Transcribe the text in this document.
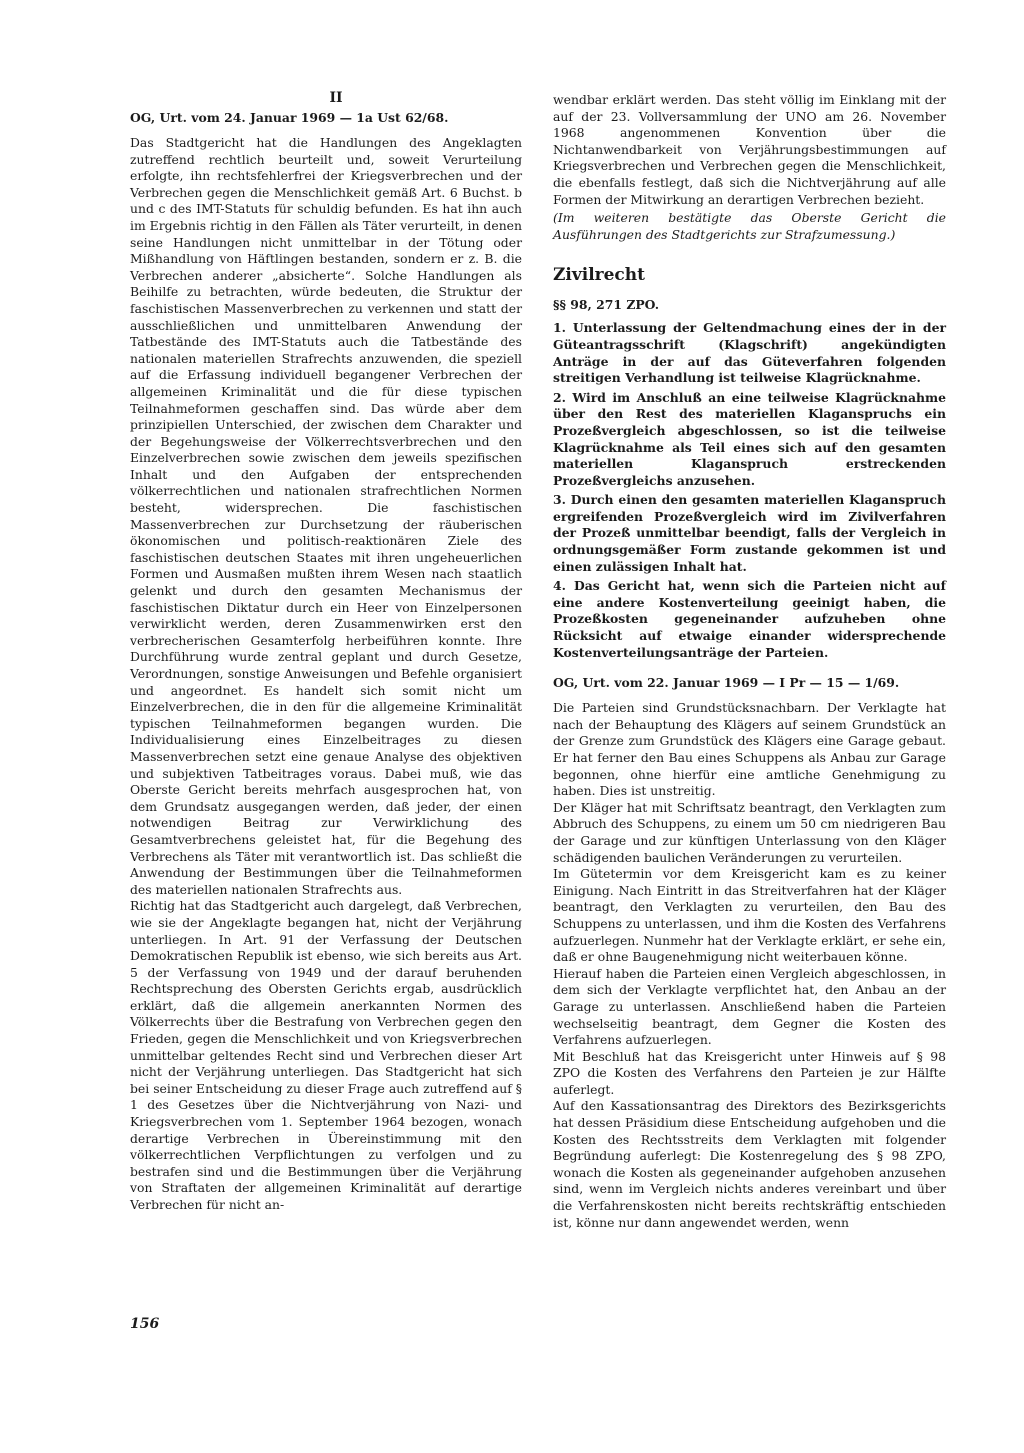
II
OG, Urt. vom 24. Januar 1969 — 1a Ust 62/68.

Das Stadtgericht hat die Handlungen des Angeklagten zutreffend rechtlich beurteilt und, soweit Verurteilung erfolgte, ihn rechtsfehlerfrei der Kriegsverbrechen und der Verbrechen gegen die Menschlichkeit gemäß Art. 6 Buchst. b und c des IMT-Statuts für schuldig befunden. Es hat ihn auch im Ergebnis richtig in den Fällen als Täter verurteilt, in denen seine Handlungen nicht unmittelbar in der Tötung oder Mißhandlung von Häftlingen bestanden, sondern er z. B. die Verbrechen anderer „absicherte“. Solche Handlungen als Beihilfe zu betrachten, würde bedeuten, die Struktur der faschistischen Massenverbrechen zu verkennen und statt der ausschließlichen und unmittelbaren Anwendung der Tatbestände des IMT-Statuts auch die Tatbestände des nationalen materiellen Strafrechts anzuwenden, die speziell auf die Erfassung individuell begangener Verbrechen der allgemeinen Kriminalität und die für diese typischen Teilnahmeformen geschaffen sind. Das würde aber dem prinzipiellen Unterschied, der zwischen dem Charakter und der Begehungsweise der Völkerrechtsverbrechen und den Einzelverbrechen sowie zwischen dem jeweils spezifischen Inhalt und den Aufgaben der entsprechenden völkerrechtlichen und nationalen strafrechtlichen Normen besteht, widersprechen. Die faschistischen Massenverbrechen zur Durchsetzung der räuberischen ökonomischen und politisch-reaktionären Ziele des faschistischen deutschen Staates mit ihren ungeheuerlichen Formen und Ausmaßen mußten ihrem Wesen nach staatlich gelenkt und durch den gesamten Mechanismus der faschistischen Diktatur durch ein Heer von Einzelpersonen verwirklicht werden, deren Zusammenwirken erst den verbrecherischen Gesamterfolg herbeiführen konnte. Ihre Durchführung wurde zentral geplant und durch Gesetze, Verordnungen, sonstige Anweisungen und Befehle organisiert und angeordnet. Es handelt sich somit nicht um Einzelverbrechen, die in den für die allgemeine Kriminalität typischen Teilnahmeformen begangen wurden. Die Individualisierung eines Einzelbeitrages zu diesen Massenverbrechen setzt eine genaue Analyse des objektiven und subjektiven Tatbeitrages voraus. Dabei muß, wie das Oberste Gericht bereits mehrfach ausgesprochen hat, von dem Grundsatz ausgegangen werden, daß jeder, der einen notwendigen Beitrag zur Verwirklichung des Gesamtverbrechens geleistet hat, für die Begehung des Verbrechens als Täter mit verantwortlich ist. Das schließt die Anwendung der Bestimmungen über die Teilnahmeformen des materiellen nationalen Strafrechts aus.

Richtig hat das Stadtgericht auch dargelegt, daß Verbrechen, wie sie der Angeklagte begangen hat, nicht der Verjährung unterliegen. In Art. 91 der Verfassung der Deutschen Demokratischen Republik ist ebenso, wie sich bereits aus Art. 5 der Verfassung von 1949 und der darauf beruhenden Rechtsprechung des Obersten Gerichts ergab, ausdrücklich erklärt, daß die allgemein anerkannten Normen des Völkerrechts über die Bestrafung von Verbrechen gegen den Frieden, gegen die Menschlichkeit und von Kriegsverbrechen unmittelbar geltendes Recht sind und Verbrechen dieser Art nicht der Verjährung unterliegen. Das Stadtgericht hat sich bei seiner Entscheidung zu dieser Frage auch zutreffend auf § 1 des Gesetzes über die Nichtverjährung von Nazi- und Kriegsverbrechen vom 1. September 1964 bezogen, wonach derartige Verbrechen in Übereinstimmung mit den völkerrechtlichen Verpflichtungen zu verfolgen und zu bestrafen sind und die Bestimmungen über die Verjährung von Straftaten der allgemeinen Kriminalität auf derartige Verbrechen für nicht an-

wendbar erklärt werden. Das steht völlig im Einklang mit der auf der 23. Vollversammlung der UNO am 26. November 1968 angenommenen Konvention über die Nichtanwendbarkeit von Verjährungsbestimmungen auf Kriegsverbrechen und Verbrechen gegen die Menschlichkeit, die ebenfalls festlegt, daß sich die Nichtverjährung auf alle Formen der Mitwirkung an derartigen Verbrechen bezieht.

(Im weiteren bestätigte das Oberste Gericht die Ausführungen des Stadtgerichts zur Strafzumessung.)

Zivilrecht
§§ 98, 271 ZPO.

1. Unterlassung der Geltendmachung eines der in der Güteantragsschrift (Klagschrift) angekündigten Anträge in der auf das Güteverfahren folgenden streitigen Verhandlung ist teilweise Klagrücknahme.

2. Wird im Anschluß an eine teilweise Klagrücknahme über den Rest des materiellen Klaganspruchs ein Prozeßvergleich abgeschlossen, so ist die teilweise Klagrücknahme als Teil eines sich auf den gesamten materiellen Klaganspruch erstreckenden Prozeßvergleichs anzusehen.

3. Durch einen den gesamten materiellen Klaganspruch ergreifenden Prozeßvergleich wird im Zivilverfahren der Prozeß unmittelbar beendigt, falls der Vergleich in ordnungsgemäßer Form zustande gekommen ist und einen zulässigen Inhalt hat.

4. Das Gericht hat, wenn sich die Parteien nicht auf eine andere Kostenverteilung geeinigt haben, die Prozeßkosten gegeneinander aufzuheben ohne Rücksicht auf etwaige einander widersprechende Kostenverteilungsanträge der Parteien.

OG, Urt. vom 22. Januar 1969 — I Pr — 15 — 1/69.

Die Parteien sind Grundstücksnachbarn. Der Verklagte hat nach der Behauptung des Klägers auf seinem Grundstück an der Grenze zum Grundstück des Klägers eine Garage gebaut. Er hat ferner den Bau eines Schuppens als Anbau zur Garage begonnen, ohne hierfür eine amtliche Genehmigung zu haben. Dies ist unstreitig.

Der Kläger hat mit Schriftsatz beantragt, den Verklagten zum Abbruch des Schuppens, zu einem um 50 cm niedrigeren Bau der Garage und zur künftigen Unterlassung von den Kläger schädigenden baulichen Veränderungen zu verurteilen.

Im Gütetermin vor dem Kreisgericht kam es zu keiner Einigung. Nach Eintritt in das Streitverfahren hat der Kläger beantragt, den Verklagten zu verurteilen, den Bau des Schuppens zu unterlassen, und ihm die Kosten des Verfahrens aufzuerlegen. Nunmehr hat der Verklagte erklärt, er sehe ein, daß er ohne Baugenehmigung nicht weiterbauen könne.

Hierauf haben die Parteien einen Vergleich abgeschlossen, in dem sich der Verklagte verpflichtet hat, den Anbau an der Garage zu unterlassen. Anschließend haben die Parteien wechselseitig beantragt, dem Gegner die Kosten des Verfahrens aufzuerlegen.

Mit Beschluß hat das Kreisgericht unter Hinweis auf § 98 ZPO die Kosten des Verfahrens den Parteien je zur Hälfte auferlegt.

Auf den Kassationsantrag des Direktors des Bezirksgerichts hat dessen Präsidium diese Entscheidung aufgehoben und die Kosten des Rechtsstreits dem Verklagten mit folgender Begründung auferlegt: Die Kostenregelung des § 98 ZPO, wonach die Kosten als gegeneinander aufgehoben anzusehen sind, wenn im Vergleich nichts anderes vereinbart und über die Verfahrenskosten nicht bereits rechtskräftig entschieden ist, könne nur dann angewendet werden, wenn

156
